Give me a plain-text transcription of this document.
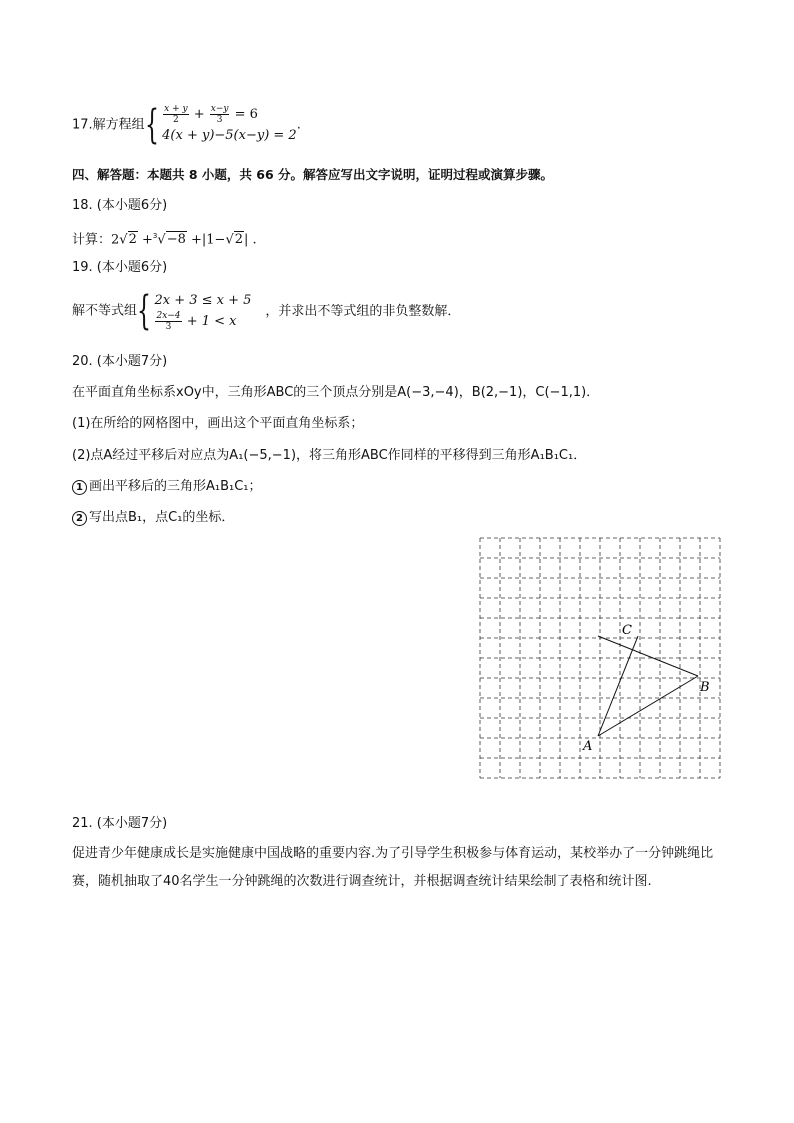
17.解方程组{ $\frac{x + y}{2} + \frac{x-y}{3} = 6$
4(x + y)−5(x−y) = 2
.
四、解答题：本题共 8 小题，共 66 分。解答应写出文字说明，证明过程或演算步骤。
18. (本小题6分)
计算：2√2 +$^3$√−8 +|1−√2| .
19. (本小题6分)
解不等式组{ 2x + 3 ≤ x + 5
$\frac{2x-4}{3} + 1 < x$
，并求出不等式组的非负整数解．
20. (本小题7分)
在平面直角坐标系xOy中，三角形ABC的三个顶点分别是A(−3,−4)，B(2,−1)，C(−1,1)．
(1)在所给的网格图中，画出这个平面直角坐标系；
(2)点A经过平移后对应点为A₁(−5,−1)，将三角形ABC作同样的平移得到三角形A₁B₁C₁．
1 画出平移后的三角形A₁B₁C₁；
2 写出点B₁，点C₁的坐标．
C
B
A
21. (本小题7分)
促进青少年健康成长是实施健康中国战略的重要内容.为了引导学生积极参与体育运动，某校举办了一分钟跳绳比赛，随机抽取了40名学生一分钟跳绳的次数进行调查统计，并根据调查统计结果绘制了表格和统计图.
